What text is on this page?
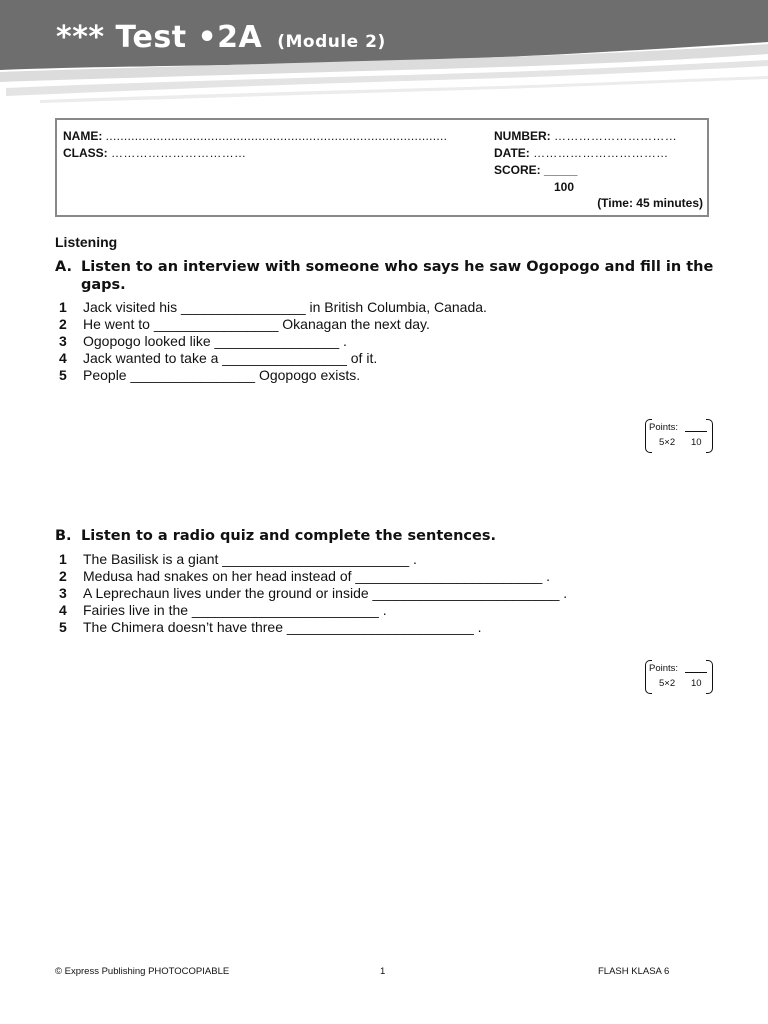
*** Test •2A (Module 2)
NAME: ..............................................................................................
CLASS: ……………………………
NUMBER: …………………………
DATE: ……………………………
SCORE: _____
100
(Time: 45 minutes)
Listening
A. Listen to an interview with someone who says he saw Ogopogo and fill in the gaps.
1 Jack visited his ________________ in British Columbia, Canada.
2 He went to ________________ Okanagan the next day.
3 Ogopogo looked like ________________ .
4 Jack wanted to take a ________________ of it.
5 People ________________ Ogopogo exists.
Points:
5×2 10
B. Listen to a radio quiz and complete the sentences.
1 The Basilisk is a giant ________________________ .
2 Medusa had snakes on her head instead of ________________________ .
3 A Leprechaun lives under the ground or inside ________________________ .
4 Fairies live in the ________________________ .
5 The Chimera doesn’t have three ________________________ .
Points:
5×2 10
© Express Publishing PHOTOCOPIABLE	1	FLASH KLASA 6
